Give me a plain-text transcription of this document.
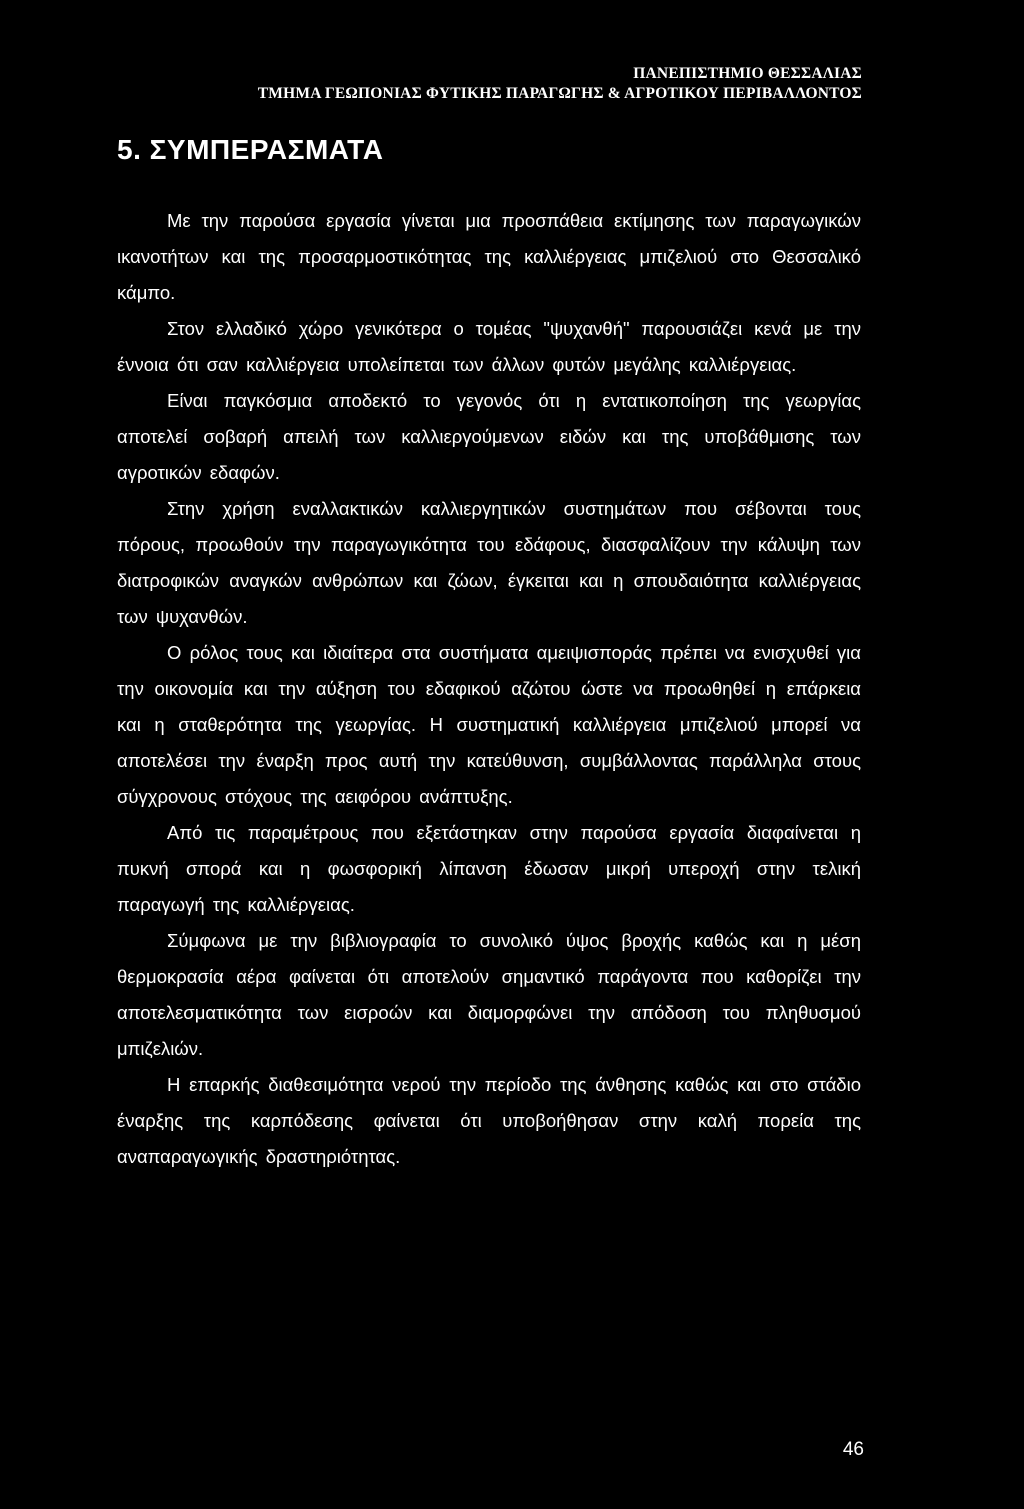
ΠΑΝΕΠΙΣΤΗΜΙΟ ΘΕΣΣΑΛΙΑΣ
ΤΜΗΜΑ ΓΕΩΠΟΝΙΑΣ ΦΥΤΙΚΗΣ ΠΑΡΑΓΩΓΗΣ & ΑΓΡΟΤΙΚΟΥ ΠΕΡΙΒΑΛΛΟΝΤΟΣ
5. ΣΥΜΠΕΡΑΣΜΑΤΑ

Με την παρούσα εργασία γίνεται μια προσπάθεια εκτίμησης των παραγωγικών ικανοτήτων και της προσαρμοστικότητας της καλλιέργειας μπιζελιού στο Θεσσαλικό κάμπο.

Στον ελλαδικό χώρο γενικότερα ο τομέας "ψυχανθή" παρουσιάζει κενά με την έννοια ότι σαν καλλιέργεια υπολείπεται των άλλων φυτών μεγάλης καλλιέργειας.

Είναι παγκόσμια αποδεκτό το γεγονός ότι η εντατικοποίηση της γεωργίας αποτελεί σοβαρή απειλή των καλλιεργούμενων ειδών και της υποβάθμισης των αγροτικών εδαφών.

Στην χρήση εναλλακτικών καλλιεργητικών συστημάτων που σέβονται τους πόρους, προωθούν την παραγωγικότητα του εδάφους, διασφαλίζουν την κάλυψη των διατροφικών αναγκών ανθρώπων και ζώων, έγκειται και η σπουδαιότητα καλλιέργειας των ψυχανθών.

Ο ρόλος τους και ιδιαίτερα στα συστήματα αμειψισποράς πρέπει να ενισχυθεί για την οικονομία και την αύξηση του εδαφικού αζώτου ώστε να προωθηθεί η επάρκεια και η σταθερότητα της γεωργίας. Η συστηματική καλλιέργεια μπιζελιού μπορεί να αποτελέσει την έναρξη προς αυτή την κατεύθυνση, συμβάλλοντας παράλληλα στους σύγχρονους στόχους της αειφόρου ανάπτυξης.

Από τις παραμέτρους που εξετάστηκαν στην παρούσα εργασία διαφαίνεται η πυκνή σπορά και η φωσφορική λίπανση έδωσαν μικρή υπεροχή στην τελική παραγωγή της καλλιέργειας.

Σύμφωνα με την βιβλιογραφία το συνολικό ύψος βροχής καθώς και η μέση θερμοκρασία αέρα φαίνεται ότι αποτελούν σημαντικό παράγοντα που καθορίζει την αποτελεσματικότητα των εισροών και διαμορφώνει την απόδοση του πληθυσμού μπιζελιών.

Η επαρκής διαθεσιμότητα νερού την περίοδο της άνθησης καθώς και στο στάδιο έναρξης της καρπόδεσης φαίνεται ότι υποβοήθησαν στην καλή πορεία της αναπαραγωγικής δραστηριότητας.

46
